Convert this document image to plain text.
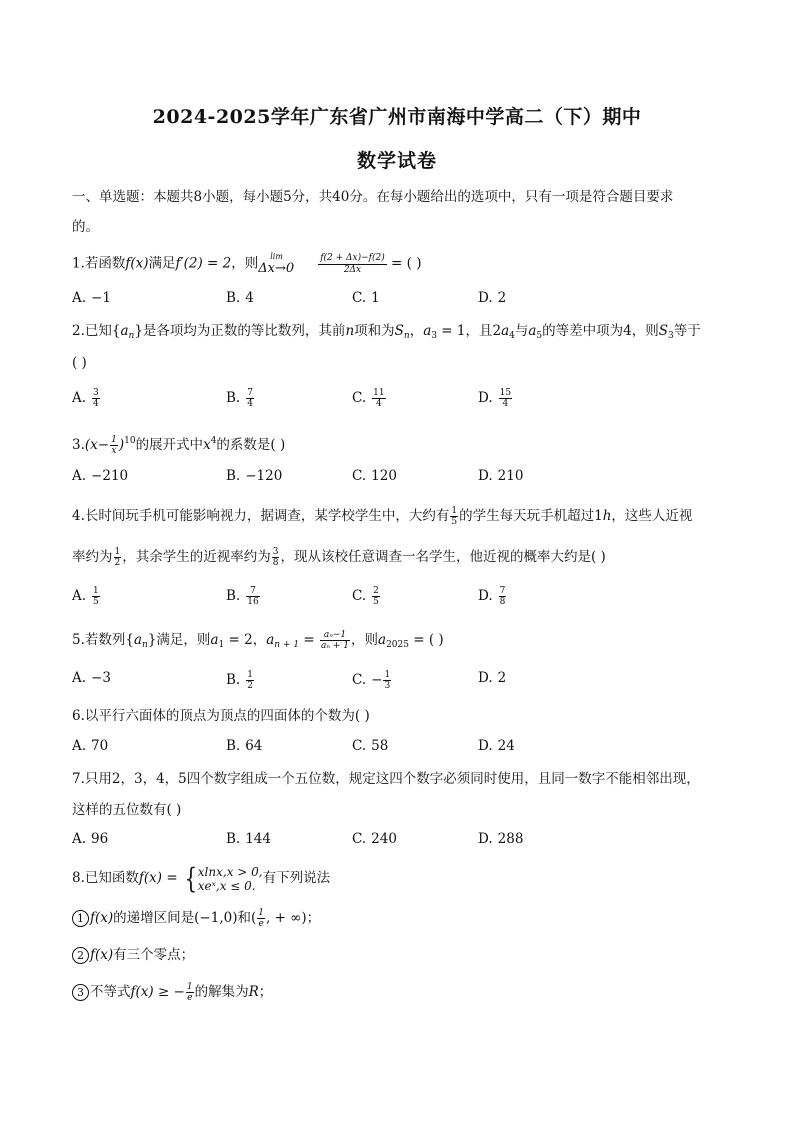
2024-2025学年广东省广州市南海中学高二（下）期中
数学试卷
一、单选题：本题共8小题，每小题5分，共40分。在每小题给出的选项中，只有一项是符合题目要求
的。
1.若函数f(x)满足f′(2) = 2，则 lim
Δx→0	$\frac{f(2 + \Delta x)-f(2)}{2\Delta x}$ = ( )
A. −1	B. 4	C. 1	D. 2
2.已知$\{a_n\}$是各项均为正数的等比数列，其前n项和为$S_n$，$a_3 = 1$，且$2a_4$与$a_5$的等差中项为4，则$S_3$等于
( )
A. $\frac{3}{4}$	B. $\frac{7}{4}$	C. $\frac{11}{4}$	D. $\frac{15}{4}$
$3.(x- \frac{1}{x} )^{10}$的展开式中$x^4$的系数是( )
A. −210	B. −120	C. 120	D. 210
4.长时间玩手机可能影响视力，据调查，某学校学生中，大约有 $\frac{1}{5}$ 的学生每天玩手机超过1h，这些人近视
率约为 $\frac{1}{2}$ ，其余学生的近视率约为 $\frac{3}{8}$ ，现从该校任意调查一名学生，他近视的概率大约是( )
A. $\frac{1}{5}$	B. $\frac{7}{16}$	C. $\frac{2}{5}$	D. $\frac{7}{8}$
5.若数列$\{a_n\}$满足，则$a_1 = 2$，$a_{n + 1} = \frac{\text{aₙ−1}}{\text{aₙ + 1}}$ ，则$a_{2025}$ = ( )
A. −3	B. $\frac{1}{2}$	C. − $\frac{1}{3}$	D. 2
6.以平行六面体的顶点为顶点的四面体的个数为( )
A. 70	B. 64	C. 58	D. 24
7.只用2，3，4，5四个数字组成一个五位数，规定这四个数字必须同时使用，且同一数字不能相邻出现，
这样的五位数有( )
A. 96	B. 144	C. 240	D. 288
8.已知函数f(x) = { xlnx,x > 0,
xeˣ,x ≤ 0. 有下列说法
1 f(x)的递增区间是(−1,0)和( $\frac{1}{e}$ , + ∞)；
2 f(x)有三个零点；
3 不等式f(x) ≥ − $\frac{1}{e}$ 的解集为R；
